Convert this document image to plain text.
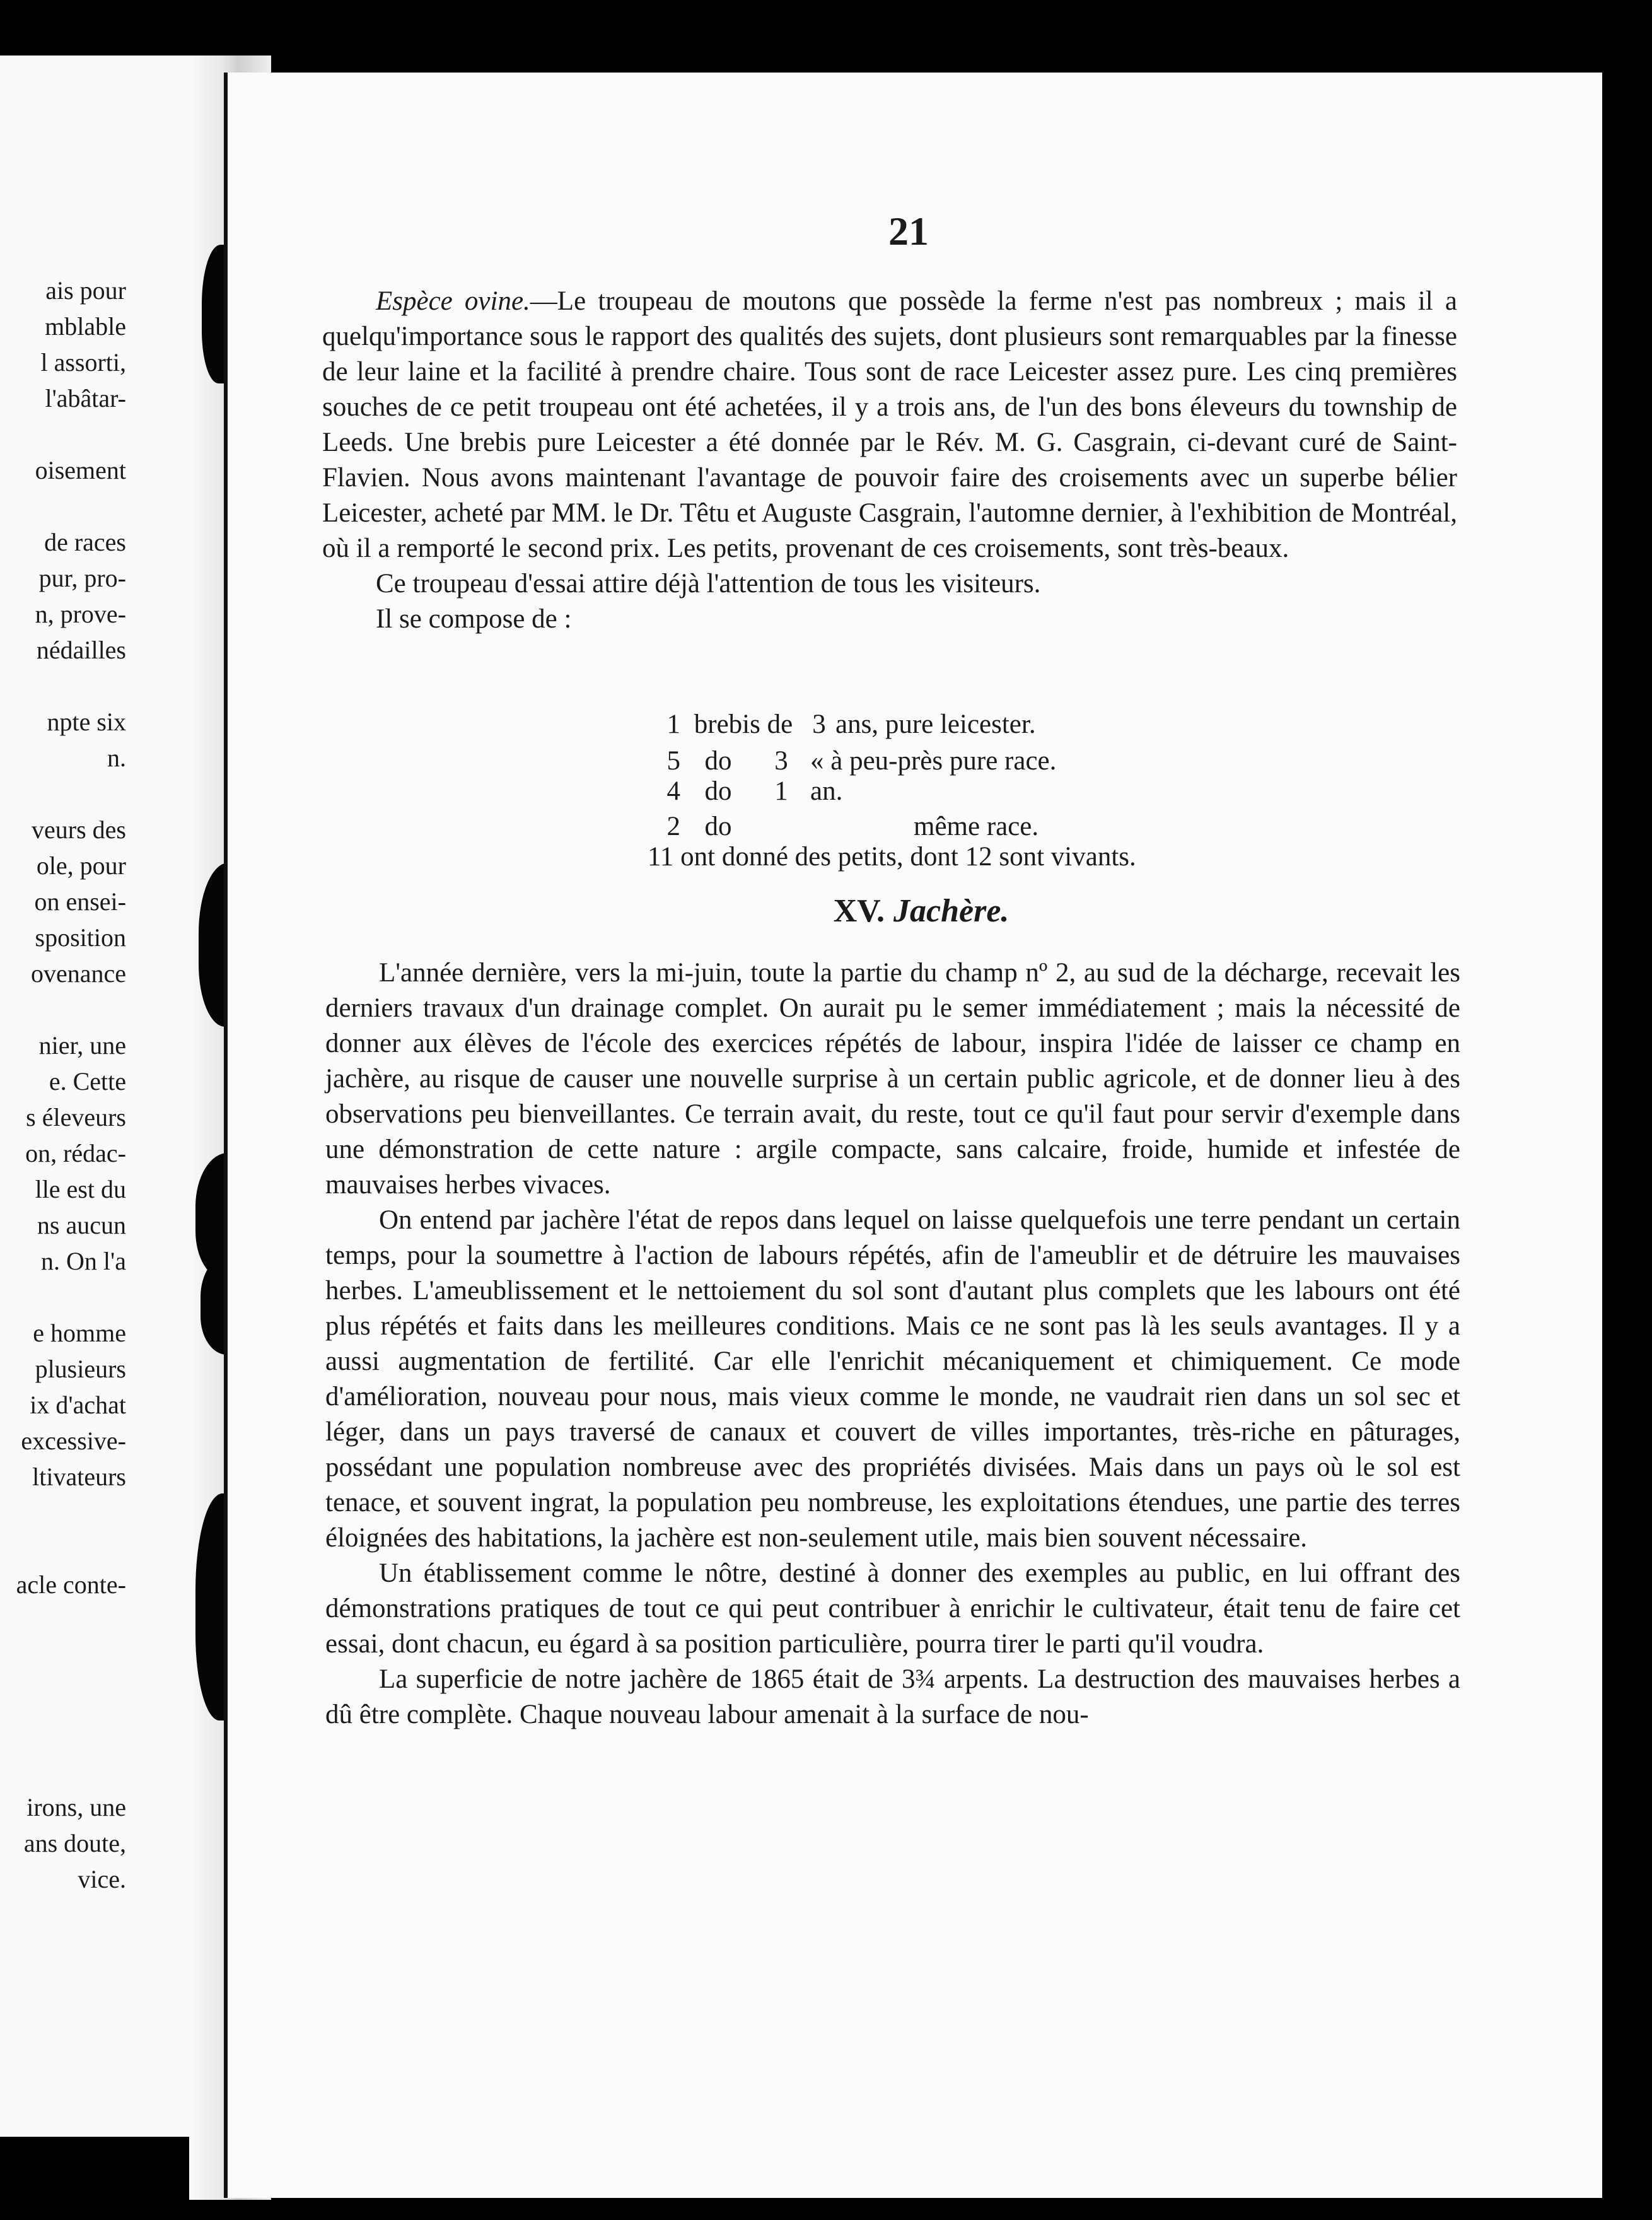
ais pour
mblable
l assorti,
l'abâtar-
oisement
de races
pur, pro-
n, prove-
nédailles
npte six
n.
veurs des
ole, pour
on ensei-
sposition
ovenance
nier, une
e. Cette
s éleveurs
on, rédac-
lle est du
ns aucun
n. On l'a
e homme
plusieurs
ix d'achat
excessive-
ltivateurs
acle conte-
irons, une
ans doute,
vice.
21

Espèce ovine.—Le troupeau de moutons que possède la ferme n'est pas nombreux ; mais il a quelqu'importance sous le rapport des qualités des sujets, dont plusieurs sont remarquables par la finesse de leur laine et la facilité à prendre chaire. Tous sont de race Leicester assez pure. Les cinq premières souches de ce petit troupeau ont été achetées, il y a trois ans, de l'un des bons éleveurs du township de Leeds. Une brebis pure Leicester a été donnée par le Rév. M. G. Casgrain, ci-devant curé de Saint-Flavien. Nous avons maintenant l'avantage de pouvoir faire des croisements avec un superbe bélier Leicester, acheté par MM. le Dr. Têtu et Auguste Casgrain, l'automne dernier, à l'exhibition de Montréal, où il a remporté le second prix. Les petits, provenant de ces croisements, sont très-beaux.

Ce troupeau d'essai attire déjà l'attention de tous les visiteurs.

Il se compose de :

1 brebis de 3 ans, pure leicester.
5 do	3 « à peu-près pure race.
4 do	1 an.
2 do	même race.
11 ont donné des petits, dont 12 sont vivants.
XV. Jachère.

L'année dernière, vers la mi-juin, toute la partie du champ nº 2, au sud de la décharge, recevait les derniers travaux d'un drainage complet. On aurait pu le semer immédiatement ; mais la nécessité de donner aux élèves de l'école des exercices répétés de labour, inspira l'idée de laisser ce champ en jachère, au risque de causer une nouvelle surprise à un certain public agricole, et de donner lieu à des observations peu bienveillantes. Ce terrain avait, du reste, tout ce qu'il faut pour servir d'exemple dans une démonstration de cette nature : argile compacte, sans calcaire, froide, humide et infestée de mauvaises herbes vivaces.

On entend par jachère l'état de repos dans lequel on laisse quelquefois une terre pendant un certain temps, pour la soumettre à l'action de labours répétés, afin de l'ameublir et de détruire les mauvaises herbes. L'ameublissement et le nettoiement du sol sont d'autant plus complets que les labours ont été plus répétés et faits dans les meilleures conditions. Mais ce ne sont pas là les seuls avantages. Il y a aussi augmentation de fertilité. Car elle l'enrichit mécaniquement et chimiquement. Ce mode d'amélioration, nouveau pour nous, mais vieux comme le monde, ne vaudrait rien dans un sol sec et léger, dans un pays traversé de canaux et couvert de villes importantes, très-riche en pâturages, possédant une population nombreuse avec des propriétés divisées. Mais dans un pays où le sol est tenace, et souvent ingrat, la population peu nombreuse, les exploitations étendues, une partie des terres éloignées des habitations, la jachère est non-seulement utile, mais bien souvent nécessaire.

Un établissement comme le nôtre, destiné à donner des exemples au public, en lui offrant des démonstrations pratiques de tout ce qui peut contribuer à enrichir le cultivateur, était tenu de faire cet essai, dont chacun, eu égard à sa position particulière, pourra tirer le parti qu'il voudra.

La superficie de notre jachère de 1865 était de 3¾ arpents. La destruction des mauvaises herbes a dû être complète. Chaque nouveau labour amenait à la surface de nou-
